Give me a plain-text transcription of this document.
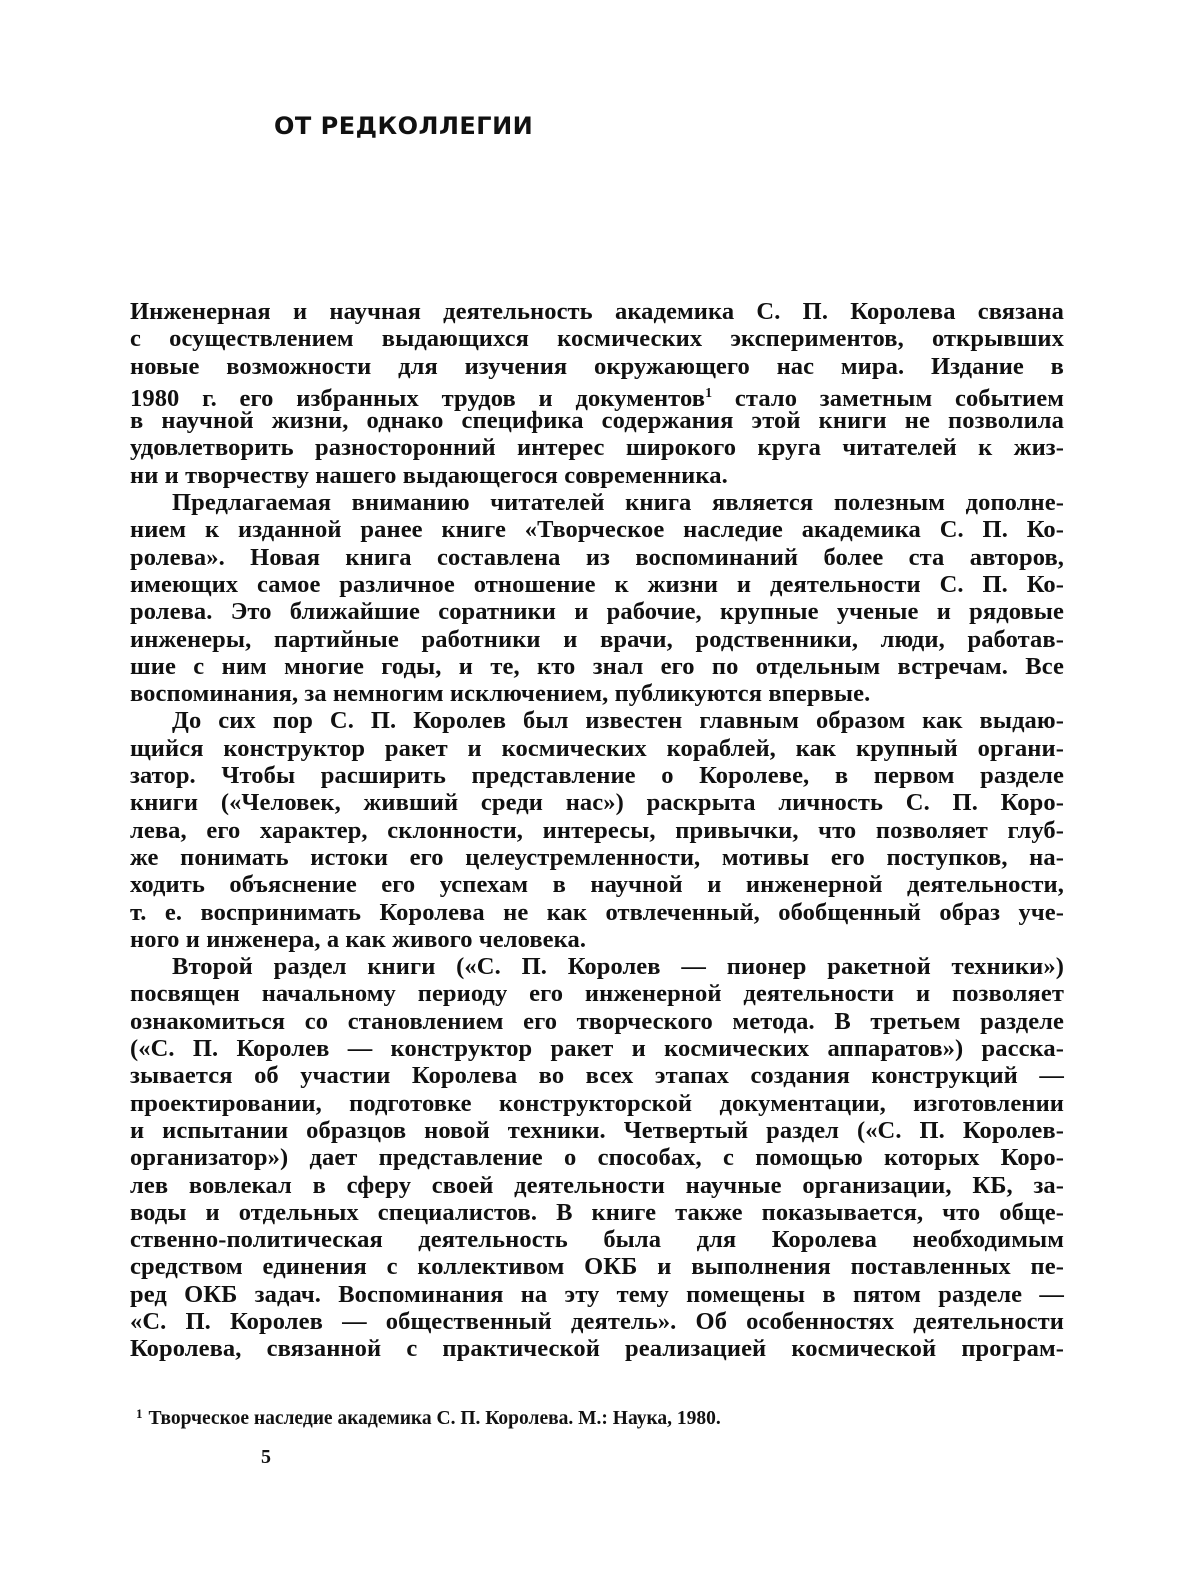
ОТ РЕДКОЛЛЕГИИ
Инженерная и научная деятельность академика С. П. Королева связана
с осуществлением выдающихся космических экспериментов, открывших
новые возможности для изучения окружающего нас мира. Издание в
1980 г. его избранных трудов и документов$^1$ стало заметным событием
в научной жизни, однако специфика содержания этой книги не позволила
удовлетворить разносторонний интерес широкого круга читателей к жиз-
ни и творчеству нашего выдающегося современника.
Предлагаемая вниманию читателей книга является полезным дополне-
нием к изданной ранее книге «Творческое наследие академика С. П. Ко-
ролева». Новая книга составлена из воспоминаний более ста авторов,
имеющих самое различное отношение к жизни и деятельности С. П. Ко-
ролева. Это ближайшие соратники и рабочие, крупные ученые и рядовые
инженеры, партийные работники и врачи, родственники, люди, работав-
шие с ним многие годы, и те, кто знал его по отдельным встречам. Все
воспоминания, за немногим исключением, публикуются впервые.
До сих пор С. П. Королев был известен главным образом как выдаю-
щийся конструктор ракет и космических кораблей, как крупный органи-
затор. Чтобы расширить представление о Королеве, в первом разделе
книги («Человек, живший среди нас») раскрыта личность С. П. Коро-
лева, его характер, склонности, интересы, привычки, что позволяет глуб-
же понимать истоки его целеустремленности, мотивы его поступков, на-
ходить объяснение его успехам в научной и инженерной деятельности,
т. е. воспринимать Королева не как отвлеченный, обобщенный образ уче-
ного и инженера, а как живого человека.
Второй раздел книги («С. П. Королев — пионер ракетной техники»)
посвящен начальному периоду его инженерной деятельности и позволяет
ознакомиться со становлением его творческого метода. В третьем разделе
(«С. П. Королев — конструктор ракет и космических аппаратов») расска-
зывается об участии Королева во всех этапах создания конструкций —
проектировании, подготовке конструкторской документации, изготовлении
и испытании образцов новой техники. Четвертый раздел («С. П. Королев-
организатор») дает представление о способах, с помощью которых Коро-
лев вовлекал в сферу своей деятельности научные организации, КБ, за-
воды и отдельных специалистов. В книге также показывается, что обще-
ственно-политическая деятельность была для Королева необходимым
средством единения с коллективом ОКБ и выполнения поставленных пе-
ред ОКБ задач. Воспоминания на эту тему помещены в пятом разделе —
«С. П. Королев — общественный деятель». Об особенностях деятельности
Королева, связанной с практической реализацией космической програм-
$^1$ Творческое наследие академика С. П. Королева. М.: Наука, 1980.
5
